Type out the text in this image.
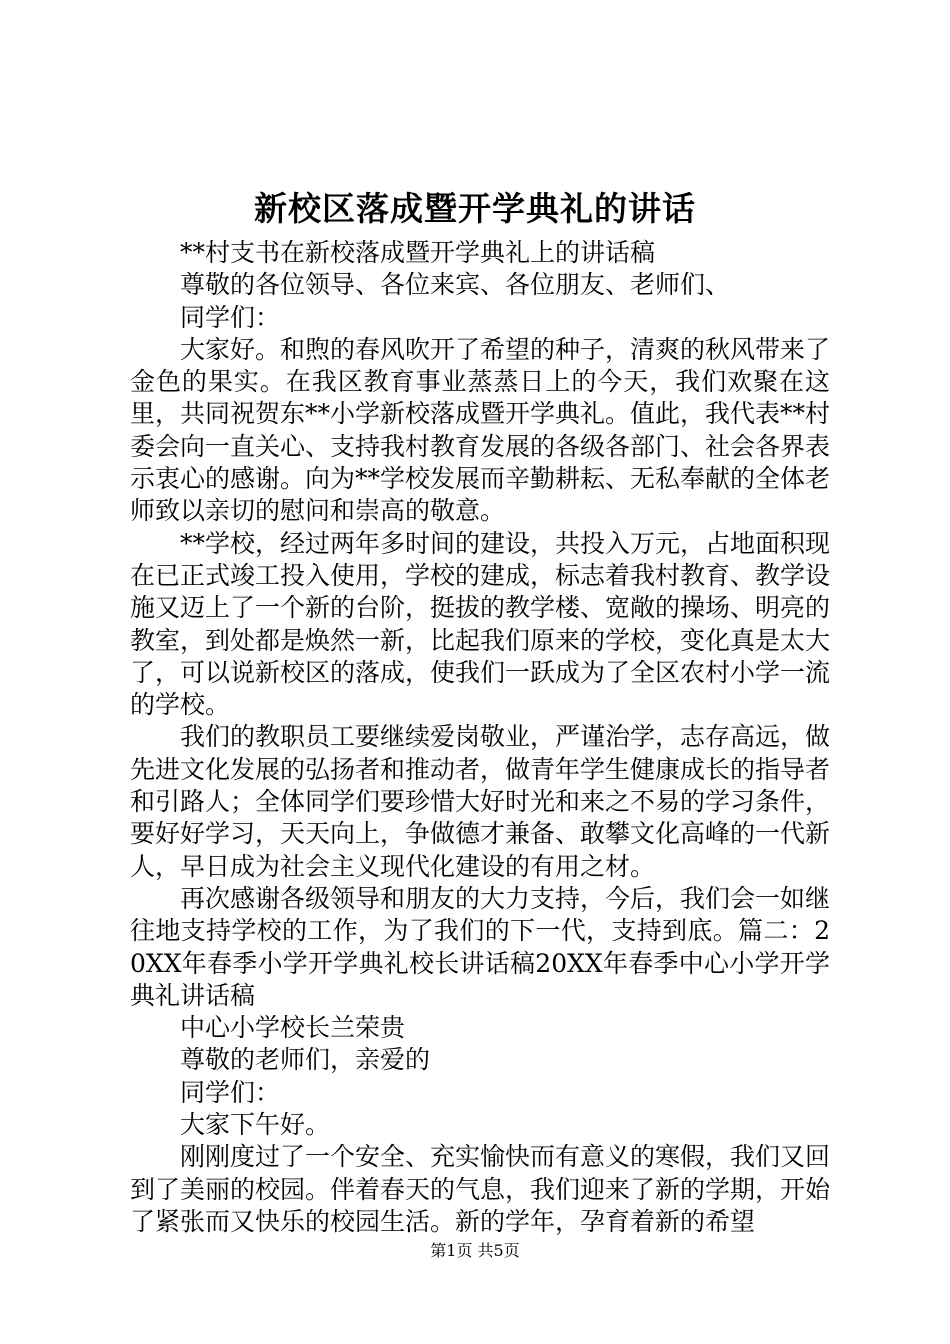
新校区落成暨开学典礼的讲话

**村支书在新校落成暨开学典礼上的讲话稿

尊敬的各位领导、各位来宾、各位朋友、老师们、

同学们：

大家好。和煦的春风吹开了希望的种子，清爽的秋风带来了金色的果实。在我区教育事业蒸蒸日上的今天，我们欢聚在这里，共同祝贺东**小学新校落成暨开学典礼。值此，我代表**村委会向一直关心、支持我村教育发展的各级各部门、社会各界表示衷心的感谢。向为**学校发展而辛勤耕耘、无私奉献的全体老师致以亲切的慰问和崇高的敬意。

**学校，经过两年多时间的建设，共投入万元，占地面积现在已正式竣工投入使用，学校的建成，标志着我村教育、教学设施又迈上了一个新的台阶，挺拔的教学楼、宽敞的操场、明亮的教室，到处都是焕然一新，比起我们原来的学校，变化真是太大了，可以说新校区的落成，使我们一跃成为了全区农村小学一流的学校。

我们的教职员工要继续爱岗敬业，严谨治学，志存高远，做先进文化发展的弘扬者和推动者，做青年学生健康成长的指导者和引路人；全体同学们要珍惜大好时光和来之不易的学习条件，要好好学习，天天向上，争做德才兼备、敢攀文化高峰的一代新人，早日成为社会主义现代化建设的有用之材。

再次感谢各级领导和朋友的大力支持，今后，我们会一如继往地支持学校的工作，为了我们的下一代，支持到底。篇二：20XX年春季小学开学典礼校长讲话稿20XX年春季中心小学开学典礼讲话稿

中心小学校长兰荣贵

尊敬的老师们，亲爱的

同学们：

大家下午好。

刚刚度过了一个安全、充实愉快而有意义的寒假，我们又回到了美丽的校园。伴着春天的气息，我们迎来了新的学期，开始了紧张而又快乐的校园生活。新的学年，孕育着新的希望

第1页 共5页
